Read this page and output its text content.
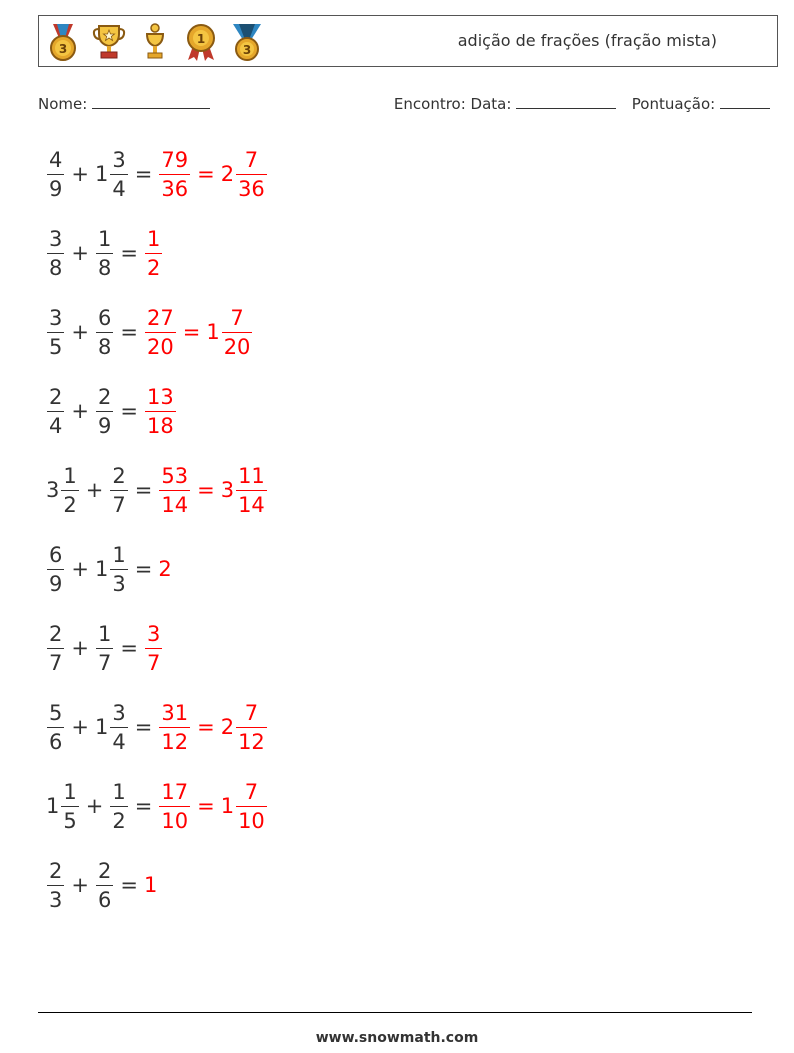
3
1
3	adição de frações (fração mista)
Nome:	Encontro: Data:	Pontuação:
$\frac{4}{9} + 1 \frac{3}{4} = \frac{79}{36} = 2 \frac{7}{36}$
$\frac{3}{8} + \frac{1}{8} = \frac{1}{2}$
$\frac{3}{5} + \frac{6}{8} = \frac{27}{20} = 1 \frac{7}{20}$
$\frac{2}{4} + \frac{2}{9} = \frac{13}{18}$
$3 \frac{1}{2} + \frac{2}{7} = \frac{53}{14} = 3 \frac{11}{14}$
$\frac{6}{9} + 1 \frac{1}{3} = 2$
$\frac{2}{7} + \frac{1}{7} = \frac{3}{7}$
$\frac{5}{6} + 1 \frac{3}{4} = \frac{31}{12} = 2 \frac{7}{12}$
$1 \frac{1}{5} + \frac{1}{2} = \frac{17}{10} = 1 \frac{7}{10}$
$\frac{2}{3} + \frac{2}{6} = 1$
www.snowmath.com
